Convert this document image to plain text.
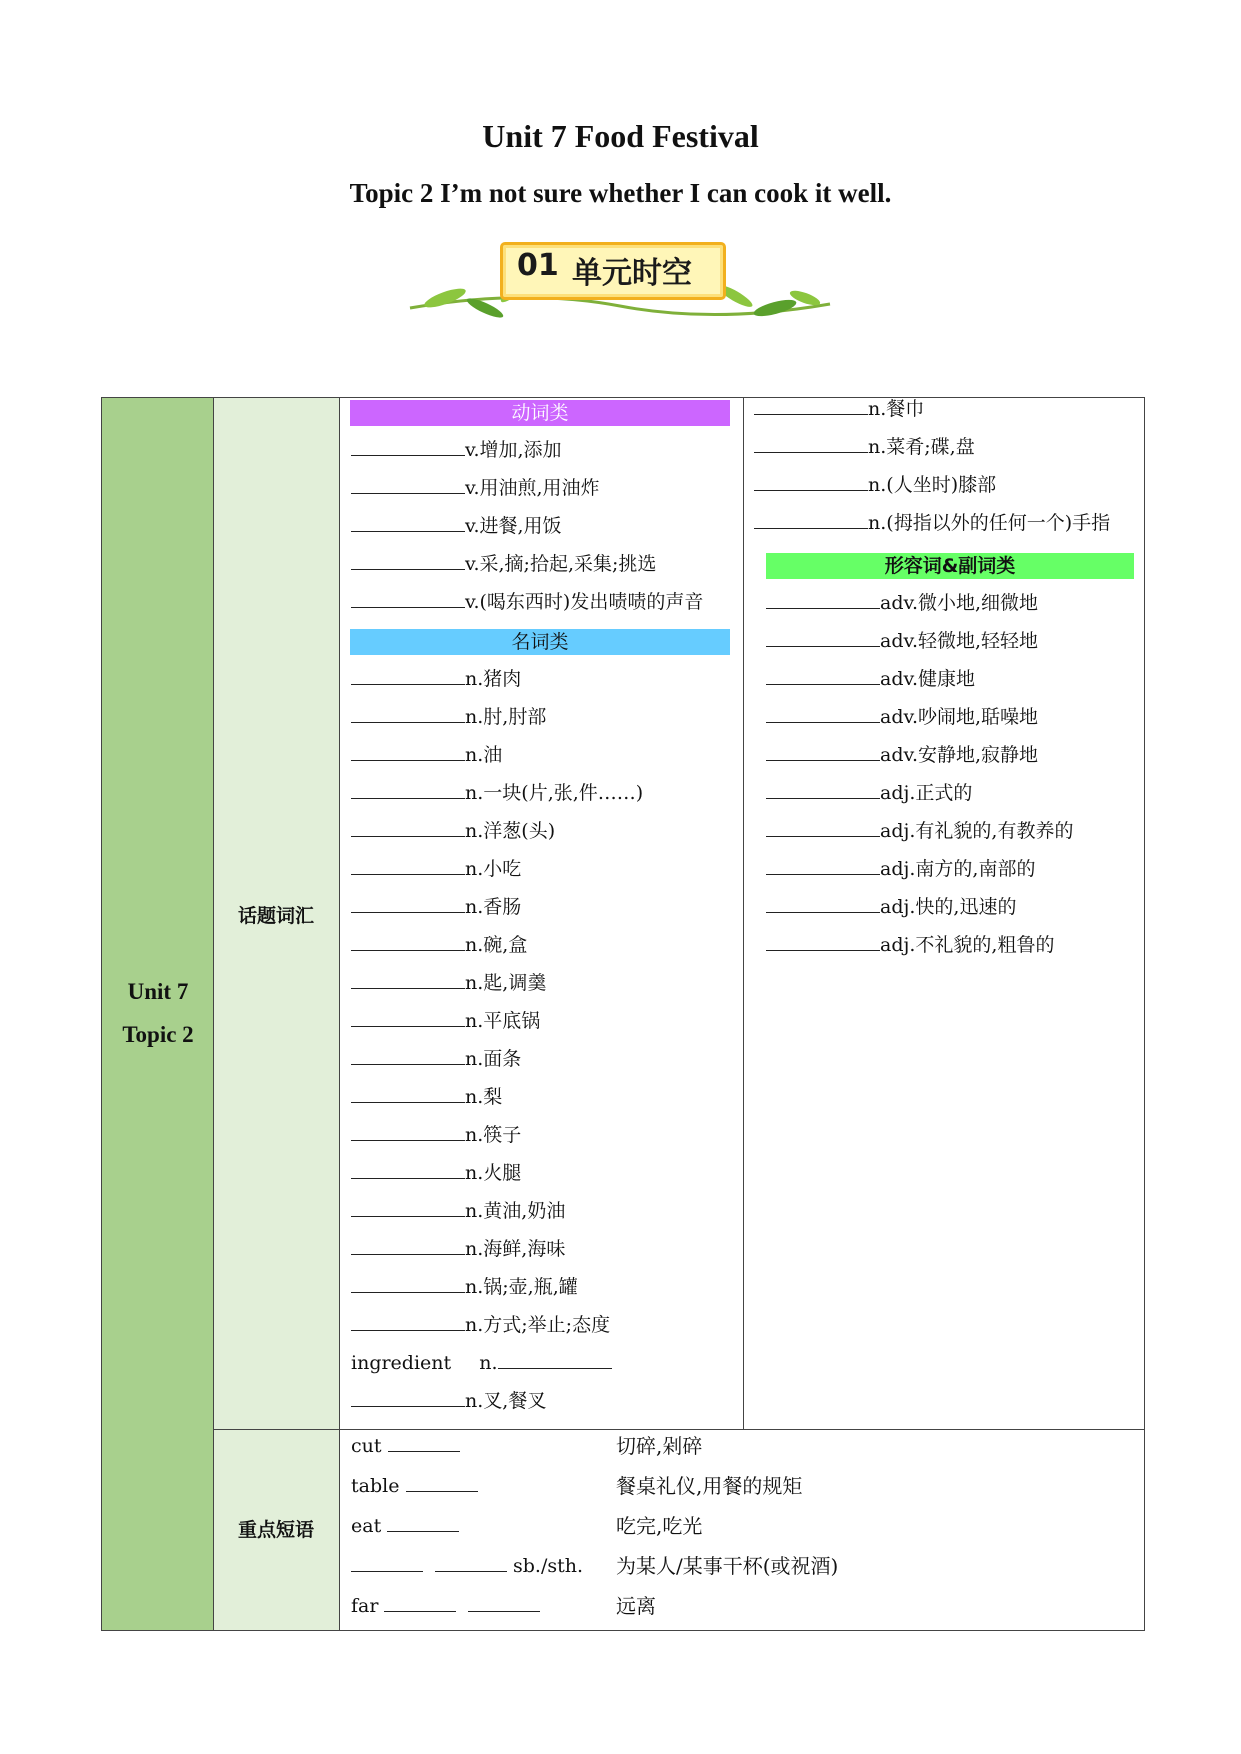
Unit 7 Food Festival
Topic 2 I’m not sure whether I can cook it well.
01 单元时空
Unit 7
Topic 2
话题词汇
重点短语
动词类
名词类
v.增加,添加
v.用油煎,用油炸
v.进餐,用饭
v.采,摘;拾起,采集;挑选
v.(喝东西时)发出啧啧的声音
n.猪肉
n.肘,肘部
n.油
n.一块(片,张,件……)
n.洋葱(头)
n.小吃
n.香肠
n.碗,盒
n.匙,调羹
n.平底锅
n.面条
n.梨
n.筷子
n.火腿
n.黄油,奶油
n.海鲜,海味
n.锅;壶,瓶,罐
n.方式;举止;态度
ingredient   n.
n.叉,餐叉
形容词&副词类
n.餐巾
n.菜肴;碟,盘
n.(人坐时)膝部
n.(拇指以外的任何一个)手指
adv.微小地,细微地
adv.轻微地,轻轻地
adv.健康地
adv.吵闹地,聒噪地
adv.安静地,寂静地
adj.正式的
adj.有礼貌的,有教养的
adj.南方的,南部的
adj.快的,迅速的
adj.不礼貌的,粗鲁的
cut	切碎,剁碎
table	餐桌礼仪,用餐的规矩
eat	吃完,吃光
sb./sth. 为某人/某事干杯(或祝酒)
far	远离
